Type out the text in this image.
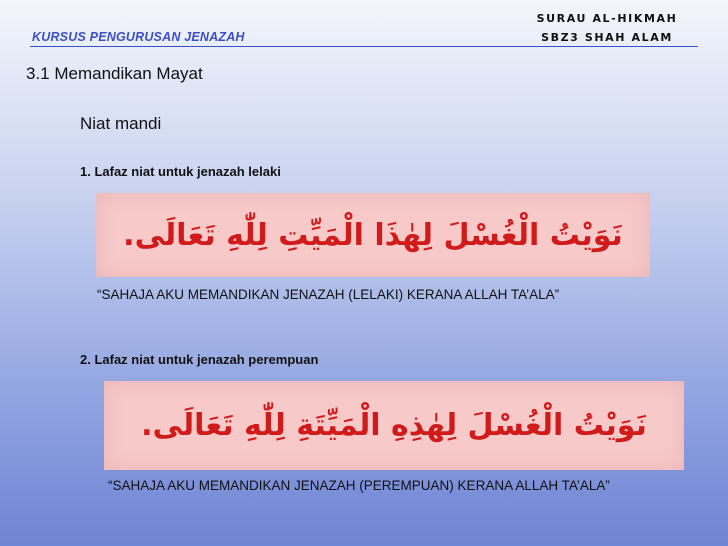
KURSUS PENGURUSAN JENAZAH
SURAU AL-HIKMAH
SBZ3 SHAH ALAM
3.1 Memandikan Mayat
Niat mandi
1. Lafaz niat untuk jenazah lelaki
نَوَيْتُ الْغُسْلَ لِهٰذَا الْمَيِّتِ لِلّٰهِ تَعَالَى.
“SAHAJA AKU MEMANDIKAN JENAZAH (LELAKI) KERANA ALLAH TA’ALA”
2. Lafaz niat untuk jenazah perempuan
نَوَيْتُ الْغُسْلَ لِهٰذِهِ الْمَيِّتَةِ لِلّٰهِ تَعَالَى.
“SAHAJA AKU MEMANDIKAN JENAZAH (PEREMPUAN) KERANA ALLAH TA’ALA”
